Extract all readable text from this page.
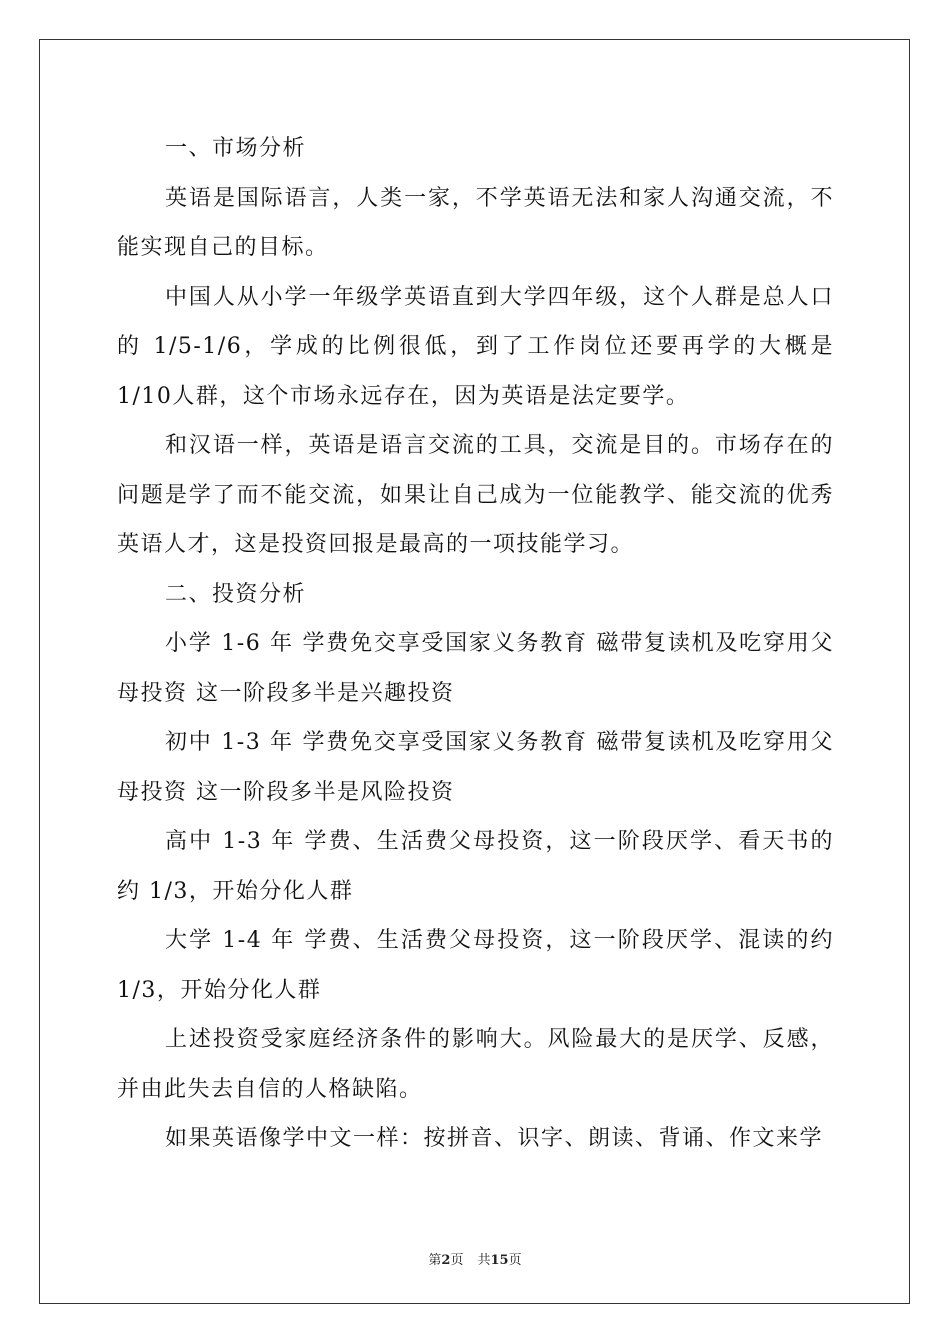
一、市场分析

英语是国际语言，人类一家，不学英语无法和家人沟通交流，不能实现自己的目标。

中国人从小学一年级学英语直到大学四年级，这个人群是总人口的 1/5-1/6，学成的比例很低，到了工作岗位还要再学的大概是 1/10人群，这个市场永远存在，因为英语是法定要学。

和汉语一样，英语是语言交流的工具，交流是目的。市场存在的问题是学了而不能交流，如果让自己成为一位能教学、能交流的优秀英语人才，这是投资回报是最高的一项技能学习。

二、投资分析

小学 1-6 年 学费免交享受国家义务教育 磁带复读机及吃穿用父母投资 这一阶段多半是兴趣投资

初中 1-3 年 学费免交享受国家义务教育 磁带复读机及吃穿用父母投资 这一阶段多半是风险投资

高中 1-3 年 学费、生活费父母投资，这一阶段厌学、看天书的约 1/3，开始分化人群

大学 1-4 年 学费、生活费父母投资，这一阶段厌学、混读的约1/3，开始分化人群

上述投资受家庭经济条件的影响大。风险最大的是厌学、反感，并由此失去自信的人格缺陷。

如果英语像学中文一样：按拼音、识字、朗读、背诵、作文来学

第2页 共15页
